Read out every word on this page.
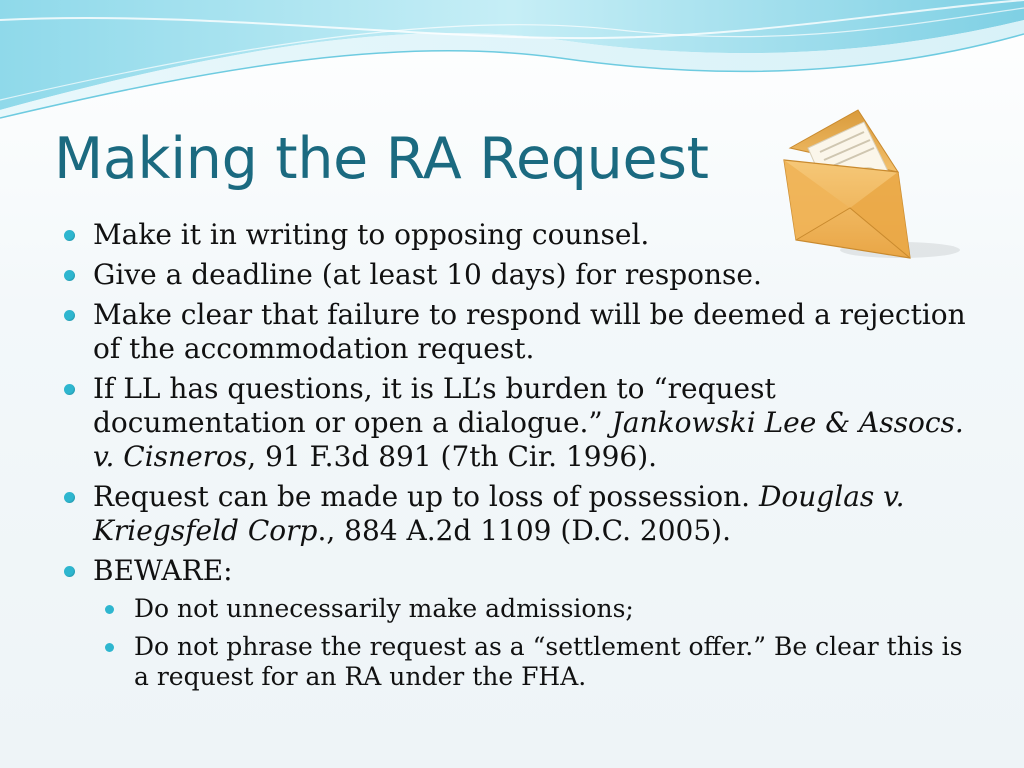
Making the RA Request
Make it in writing to opposing counsel.
Give a deadline (at least 10 days) for response.
Make clear that failure to respond will be deemed a rejection of the accommodation request.
If LL has questions, it is LL’s burden to “request documentation or open a dialogue.” Jankowski Lee & Assocs. v. Cisneros, 91 F.3d 891 (7th Cir. 1996).
Request can be made up to loss of possession. Douglas v. Kriegsfeld Corp., 884 A.2d 1109 (D.C. 2005).
BEWARE:
Do not unnecessarily make admissions;
Do not phrase the request as a “settlement offer.” Be clear this is a request for an RA under the FHA.
